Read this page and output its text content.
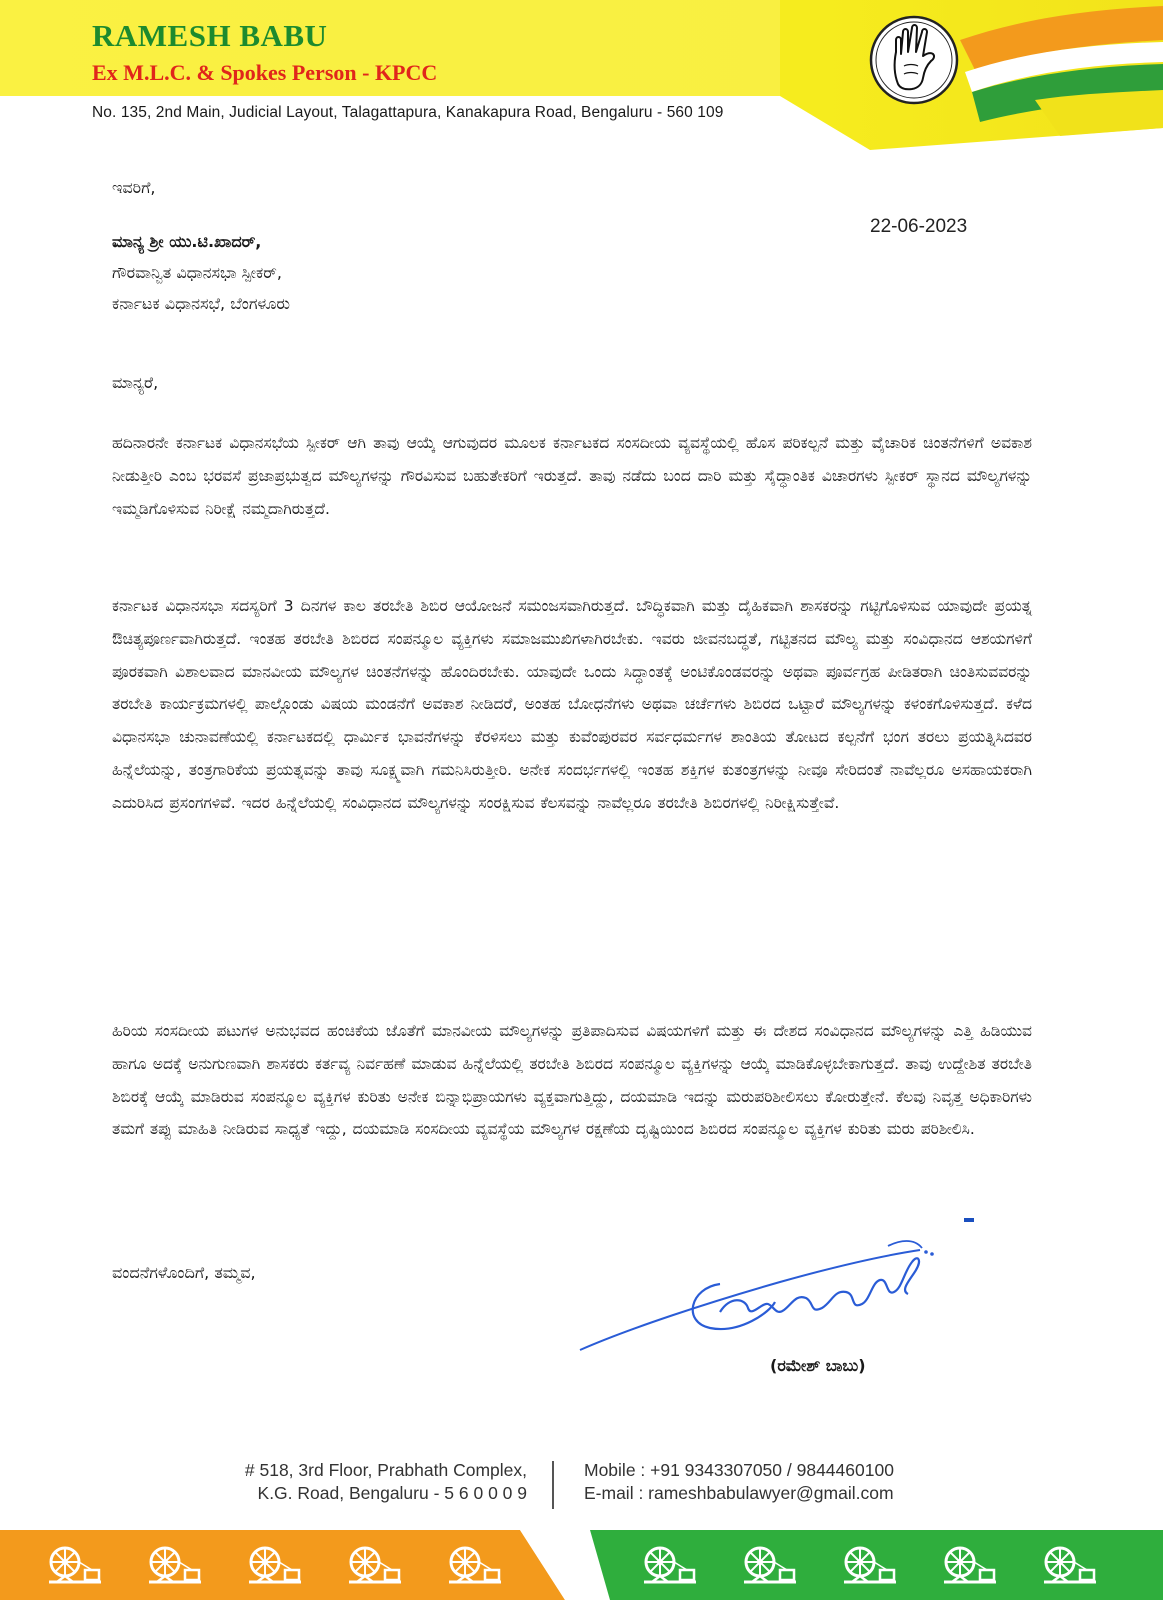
RAMESH BABU
Ex M.L.C. & Spokes Person - KPCC
No. 135, 2nd Main, Judicial Layout, Talagattapura, Kanakapura Road, Bengaluru - 560 109
ಇವರಿಗೆ,
22-06-2023
ಮಾನ್ಯ ಶ್ರೀ ಯು.ಟಿ.ಖಾದರ್,
ಗೌರವಾನ್ವಿತ ವಿಧಾನಸಭಾ ಸ್ಪೀಕರ್,
ಕರ್ನಾಟಕ ವಿಧಾನಸಭೆ, ಬೆಂಗಳೂರು
ಮಾನ್ಯರೆ,
ಹದಿನಾರನೇ ಕರ್ನಾಟಕ ವಿಧಾನಸಭೆಯ ಸ್ಪೀಕರ್ ಆಗಿ ತಾವು ಆಯ್ಕೆ ಆಗುವುದರ ಮೂಲಕ ಕರ್ನಾಟಕದ ಸಂಸದೀಯ ವ್ಯವಸ್ಥೆಯಲ್ಲಿ ಹೊಸ ಪರಿಕಲ್ಪನೆ ಮತ್ತು ವೈಚಾರಿಕ ಚಿಂತನೆಗಳಿಗೆ ಅವಕಾಶ ನೀಡುತ್ತೀರಿ ಎಂಬ ಭರವಸೆ ಪ್ರಜಾಪ್ರಭುತ್ವದ ಮೌಲ್ಯಗಳನ್ನು ಗೌರವಿಸುವ ಬಹುತೇಕರಿಗೆ ಇರುತ್ತದೆ. ತಾವು ನಡೆದು ಬಂದ ದಾರಿ ಮತ್ತು ಸೈದ್ಧಾಂತಿಕ ವಿಚಾರಗಳು ಸ್ಪೀಕರ್ ಸ್ಥಾನದ ಮೌಲ್ಯಗಳನ್ನು ಇಮ್ಮಡಿಗೊಳಿಸುವ ನಿರೀಕ್ಷೆ ನಮ್ಮದಾಗಿರುತ್ತದೆ.
ಕರ್ನಾಟಕ ವಿಧಾನಸಭಾ ಸದಸ್ಯರಿಗೆ 3 ದಿನಗಳ ಕಾಲ ತರಬೇತಿ ಶಿಬಿರ ಆಯೋಜನೆ ಸಮಂಜಸವಾಗಿರುತ್ತದೆ. ಬೌದ್ಧಿಕವಾಗಿ ಮತ್ತು ದೈಹಿಕವಾಗಿ ಶಾಸಕರನ್ನು ಗಟ್ಟಿಗೊಳಿಸುವ ಯಾವುದೇ ಪ್ರಯತ್ನ ಔಚಿತ್ಯಪೂರ್ಣವಾಗಿರುತ್ತದೆ. ಇಂತಹ ತರಬೇತಿ ಶಿಬಿರದ ಸಂಪನ್ಮೂಲ ವ್ಯಕ್ತಿಗಳು ಸಮಾಜಮುಖಿಗಳಾಗಿರಬೇಕು. ಇವರು ಜೀವನಬದ್ಧತೆ, ಗಟ್ಟಿತನದ ಮೌಲ್ಯ ಮತ್ತು ಸಂವಿಧಾನದ ಆಶಯಗಳಿಗೆ ಪೂರಕವಾಗಿ ವಿಶಾಲವಾದ ಮಾನವೀಯ ಮೌಲ್ಯಗಳ ಚಿಂತನೆಗಳನ್ನು ಹೊಂದಿರಬೇಕು. ಯಾವುದೇ ಒಂದು ಸಿದ್ಧಾಂತಕ್ಕೆ ಅಂಟಿಕೊಂಡವರನ್ನು ಅಥವಾ ಪೂರ್ವಗ್ರಹ ಪೀಡಿತರಾಗಿ ಚಿಂತಿಸುವವರನ್ನು ತರಬೇತಿ ಕಾರ್ಯಕ್ರಮಗಳಲ್ಲಿ ಪಾಲ್ಗೊಂಡು ವಿಷಯ ಮಂಡನೆಗೆ ಅವಕಾಶ ನೀಡಿದರೆ, ಅಂತಹ ಬೋಧನೆಗಳು ಅಥವಾ ಚರ್ಚೆಗಳು ಶಿಬಿರದ ಒಟ್ಟಾರೆ ಮೌಲ್ಯಗಳನ್ನು ಕಳಂಕಗೊಳಿಸುತ್ತದೆ. ಕಳೆದ ವಿಧಾನಸಭಾ ಚುನಾವಣೆಯಲ್ಲಿ ಕರ್ನಾಟಕದಲ್ಲಿ ಧಾರ್ಮಿಕ ಭಾವನೆಗಳನ್ನು ಕೆರಳಿಸಲು ಮತ್ತು ಕುವೆಂಪುರವರ ಸರ್ವಧರ್ಮಗಳ ಶಾಂತಿಯ ತೋಟದ ಕಲ್ಪನೆಗೆ ಭಂಗ ತರಲು ಪ್ರಯತ್ನಿಸಿದವರ ಹಿನ್ನೆಲೆಯನ್ನು, ತಂತ್ರಗಾರಿಕೆಯ ಪ್ರಯತ್ನವನ್ನು ತಾವು ಸೂಕ್ಷ್ಮವಾಗಿ ಗಮನಿಸಿರುತ್ತೀರಿ. ಅನೇಕ ಸಂದರ್ಭಗಳಲ್ಲಿ ಇಂತಹ ಶಕ್ತಿಗಳ ಕುತಂತ್ರಗಳನ್ನು ನೀವೂ ಸೇರಿದಂತೆ ನಾವೆಲ್ಲರೂ ಅಸಹಾಯಕರಾಗಿ ಎದುರಿಸಿದ ಪ್ರಸಂಗಗಳಿವೆ. ಇದರ ಹಿನ್ನೆಲೆಯಲ್ಲಿ ಸಂವಿಧಾನದ ಮೌಲ್ಯಗಳನ್ನು ಸಂರಕ್ಷಿಸುವ ಕೆಲಸವನ್ನು ನಾವೆಲ್ಲರೂ ತರಬೇತಿ ಶಿಬಿರಗಳಲ್ಲಿ ನಿರೀಕ್ಷಿಸುತ್ತೇವೆ.
ಹಿರಿಯ ಸಂಸದೀಯ ಪಟುಗಳ ಅನುಭವದ ಹಂಚಿಕೆಯ ಜೊತೆಗೆ ಮಾನವೀಯ ಮೌಲ್ಯಗಳನ್ನು ಪ್ರತಿಪಾದಿಸುವ ವಿಷಯಗಳಿಗೆ ಮತ್ತು ಈ ದೇಶದ ಸಂವಿಧಾನದ ಮೌಲ್ಯಗಳನ್ನು ಎತ್ತಿ ಹಿಡಿಯುವ ಹಾಗೂ ಅದಕ್ಕೆ ಅನುಗುಣವಾಗಿ ಶಾಸಕರು ಕರ್ತವ್ಯ ನಿರ್ವಹಣೆ ಮಾಡುವ ಹಿನ್ನೆಲೆಯಲ್ಲಿ ತರಬೇತಿ ಶಿಬಿರದ ಸಂಪನ್ಮೂಲ ವ್ಯಕ್ತಿಗಳನ್ನು ಆಯ್ಕೆ ಮಾಡಿಕೊಳ್ಳಬೇಕಾಗುತ್ತದೆ. ತಾವು ಉದ್ದೇಶಿತ ತರಬೇತಿ ಶಿಬಿರಕ್ಕೆ ಆಯ್ಕೆ ಮಾಡಿರುವ ಸಂಪನ್ಮೂಲ ವ್ಯಕ್ತಿಗಳ ಕುರಿತು ಅನೇಕ ಬಿನ್ನಾಭಿಪ್ರಾಯಗಳು ವ್ಯಕ್ತವಾಗುತ್ತಿದ್ದು, ದಯಮಾಡಿ ಇದನ್ನು ಮರುಪರಿಶೀಲಿಸಲು ಕೋರುತ್ತೇನೆ. ಕೆಲವು ನಿವೃತ್ತ ಅಧಿಕಾರಿಗಳು ತಮಗೆ ತಪ್ಪು ಮಾಹಿತಿ ನೀಡಿರುವ ಸಾಧ್ಯತೆ ಇದ್ದು, ದಯಮಾಡಿ ಸಂಸದೀಯ ವ್ಯವಸ್ಥೆಯ ಮೌಲ್ಯಗಳ ರಕ್ಷಣೆಯ ದೃಷ್ಟಿಯಿಂದ ಶಿಬಿರದ ಸಂಪನ್ಮೂಲ ವ್ಯಕ್ತಿಗಳ ಕುರಿತು ಮರು ಪರಿಶೀಲಿಸಿ.
ವಂದನೆಗಳೊಂದಿಗೆ, ತಮ್ಮವ,
(ರಮೇಶ್ ಬಾಬು)
# 518, 3rd Floor, Prabhath Complex,
K.G. Road, Bengaluru - 5 6 0 0 0 9
Mobile : +91 9343307050 / 9844460100
E-mail : rameshbabulawyer@gmail.com
